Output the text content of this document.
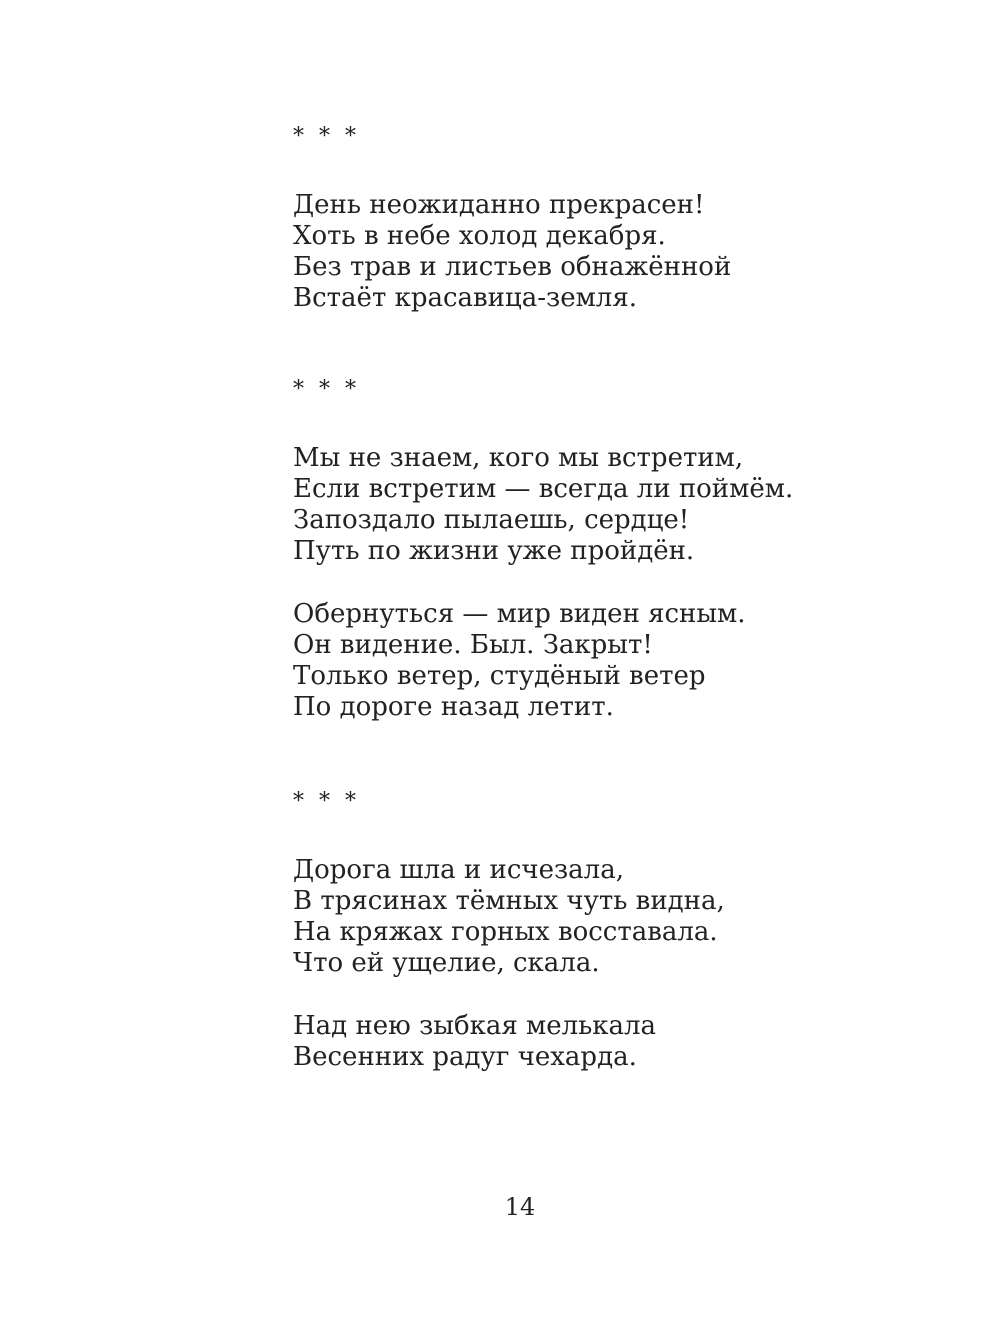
* * *
День неожиданно прекрасен!
Хоть в небе холод декабря.
Без трав и листьев обнажённой
Встаёт красавица-земля.
* * *
Мы не знаем, кого мы встретим,
Если встретим — всегда ли поймём.
Запоздало пылаешь, сердце!
Путь по жизни уже пройдён.
Обернуться — мир виден ясным.
Он видение. Был. Закрыт!
Только ветер, студёный ветер
По дороге назад летит.
* * *
Дорога шла и исчезала,
В трясинах тёмных чуть видна,
На кряжах горных восставала.
Что ей ущелие, скала.
Над нею зыбкая мелькала
Весенних радуг чехарда.
14
